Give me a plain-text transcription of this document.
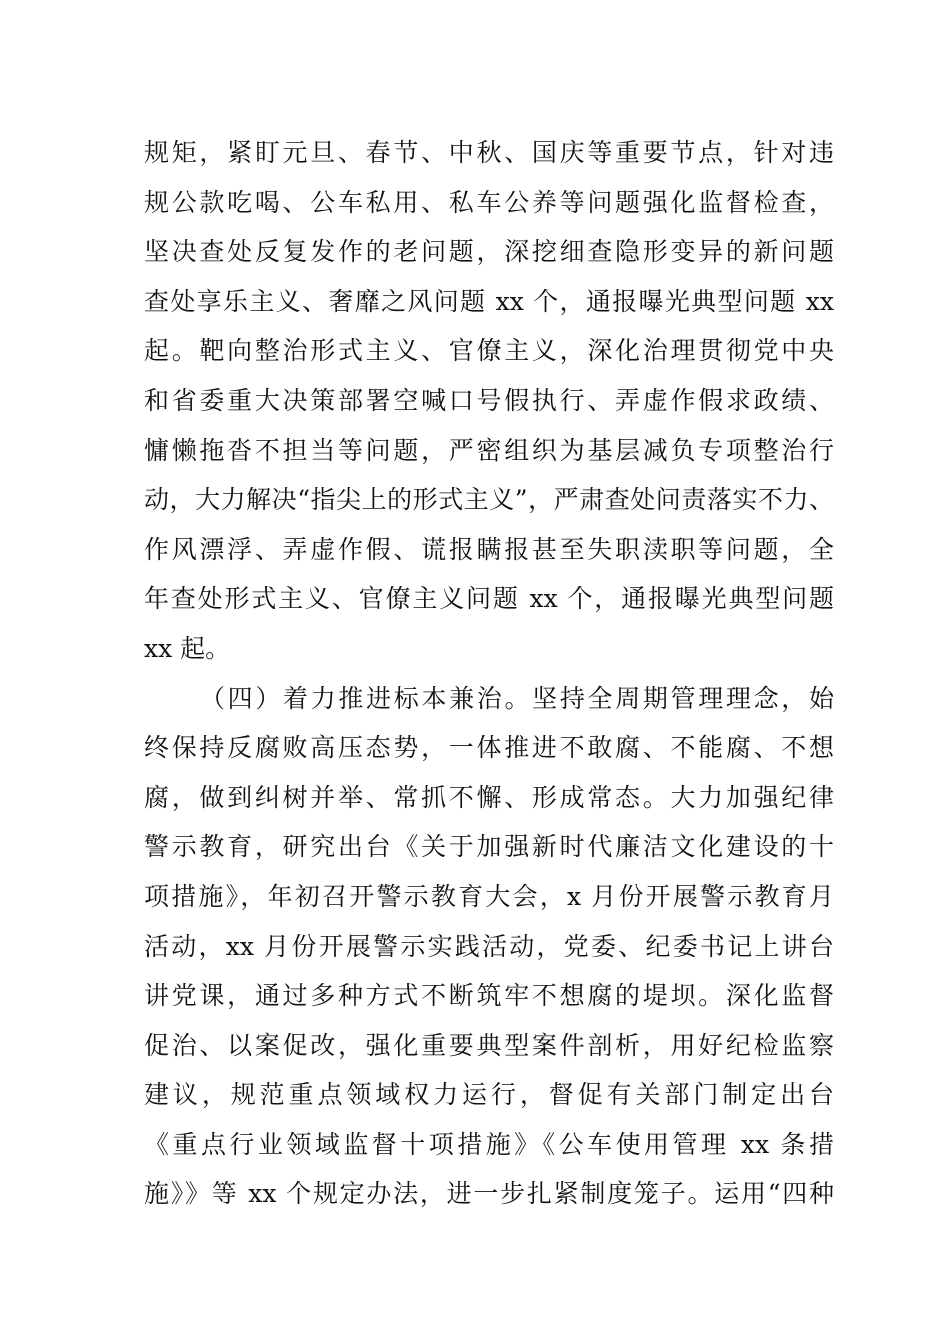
规矩，紧盯元旦、春节、中秋、国庆等重要节点，针对违
规公款吃喝、公车私用、私车公养等问题强化监督检查，
坚决查处反复发作的老问题，深挖细查隐形变异的新问题
查处享乐主义、奢靡之风问题 xx 个，通报曝光典型问题 xx
起。靶向整治形式主义、官僚主义，深化治理贯彻党中央
和省委重大决策部署空喊口号假执行、弄虚作假求政绩、
慵懒拖沓不担当等问题，严密组织为基层减负专项整治行
动，大力解决“指尖上的形式主义”，严肃查处问责落实不力、
作风漂浮、弄虚作假、谎报瞒报甚至失职渎职等问题，全
年查处形式主义、官僚主义问题 xx 个，通报曝光典型问题
xx 起。
（四）着力推进标本兼治。坚持全周期管理理念，始
终保持反腐败高压态势，一体推进不敢腐、不能腐、不想
腐，做到纠树并举、常抓不懈、形成常态。大力加强纪律
警示教育，研究出台《关于加强新时代廉洁文化建设的十
项措施》，年初召开警示教育大会，x 月份开展警示教育月
活动，xx 月份开展警示实践活动，党委、纪委书记上讲台
讲党课，通过多种方式不断筑牢不想腐的堤坝。深化监督
促治、以案促改，强化重要典型案件剖析，用好纪检监察
建议，规范重点领域权力运行，督促有关部门制定出台
《重点行业领域监督十项措施》《公车使用管理 xx 条措
施》》等 xx 个规定办法，进一步扎紧制度笼子。运用“四种
